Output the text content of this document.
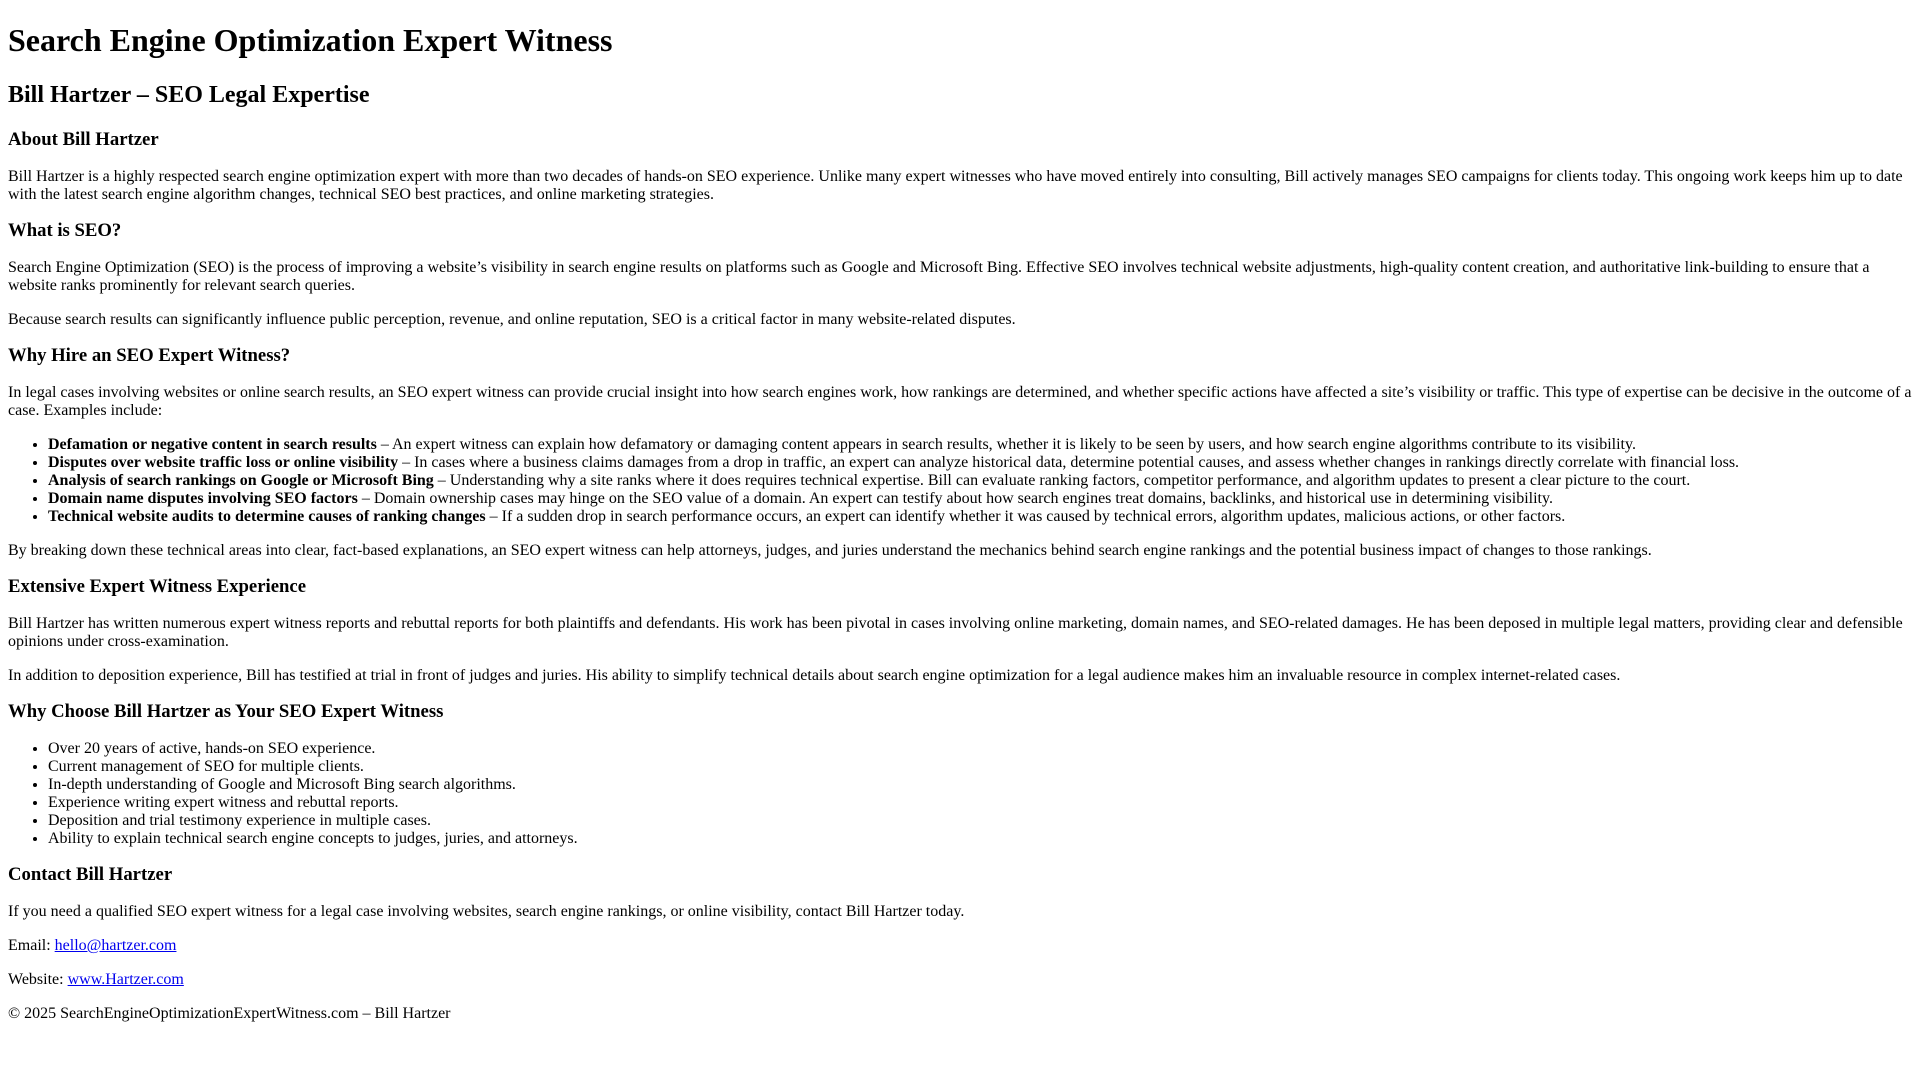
Search Engine Optimization Expert Witness
Bill Hartzer – SEO Legal Expertise
About Bill Hartzer

Bill Hartzer is a highly respected search engine optimization expert with more than two decades of hands-on SEO experience. Unlike many expert witnesses who have moved entirely into consulting, Bill actively manages SEO campaigns for clients today. This ongoing work keeps him up to date with the latest search engine algorithm changes, technical SEO best practices, and online marketing strategies.

What is SEO?

Search Engine Optimization (SEO) is the process of improving a website’s visibility in search engine results on platforms such as Google and Microsoft Bing. Effective SEO involves technical website adjustments, high-quality content creation, and authoritative link-building to ensure that a website ranks prominently for relevant search queries.

Because search results can significantly influence public perception, revenue, and online reputation, SEO is a critical factor in many website-related disputes.

Why Hire an SEO Expert Witness?

In legal cases involving websites or online search results, an SEO expert witness can provide crucial insight into how search engines work, how rankings are determined, and whether specific actions have affected a site’s visibility or traffic. This type of expertise can be decisive in the outcome of a case. Examples include:

• Defamation or negative content in search results – An expert witness can explain how defamatory or damaging content appears in search results, whether it is likely to be seen by users, and how search engine algorithms contribute to its visibility.
• Disputes over website traffic loss or online visibility – In cases where a business claims damages from a drop in traffic, an expert can analyze historical data, determine potential causes, and assess whether changes in rankings directly correlate with financial loss.
• Analysis of search rankings on Google or Microsoft Bing – Understanding why a site ranks where it does requires technical expertise. Bill can evaluate ranking factors, competitor performance, and algorithm updates to present a clear picture to the court.
• Domain name disputes involving SEO factors – Domain ownership cases may hinge on the SEO value of a domain. An expert can testify about how search engines treat domains, backlinks, and historical use in determining visibility.
• Technical website audits to determine causes of ranking changes – If a sudden drop in search performance occurs, an expert can identify whether it was caused by technical errors, algorithm updates, malicious actions, or other factors.

By breaking down these technical areas into clear, fact-based explanations, an SEO expert witness can help attorneys, judges, and juries understand the mechanics behind search engine rankings and the potential business impact of changes to those rankings.

Extensive Expert Witness Experience

Bill Hartzer has written numerous expert witness reports and rebuttal reports for both plaintiffs and defendants. His work has been pivotal in cases involving online marketing, domain names, and SEO-related damages. He has been deposed in multiple legal matters, providing clear and defensible opinions under cross-examination.

In addition to deposition experience, Bill has testified at trial in front of judges and juries. His ability to simplify technical details about search engine optimization for a legal audience makes him an invaluable resource in complex internet-related cases.

Why Choose Bill Hartzer as Your SEO Expert Witness
• Over 20 years of active, hands-on SEO experience.
• Current management of SEO for multiple clients.
• In-depth understanding of Google and Microsoft Bing search algorithms.
• Experience writing expert witness and rebuttal reports.
• Deposition and trial testimony experience in multiple cases.
• Ability to explain technical search engine concepts to judges, juries, and attorneys.
Contact Bill Hartzer

If you need a qualified SEO expert witness for a legal case involving websites, search engine rankings, or online visibility, contact Bill Hartzer today.

Email: hello@hartzer.com

Website: www.Hartzer.com

© 2025 SearchEngineOptimizationExpertWitness.com – Bill Hartzer
